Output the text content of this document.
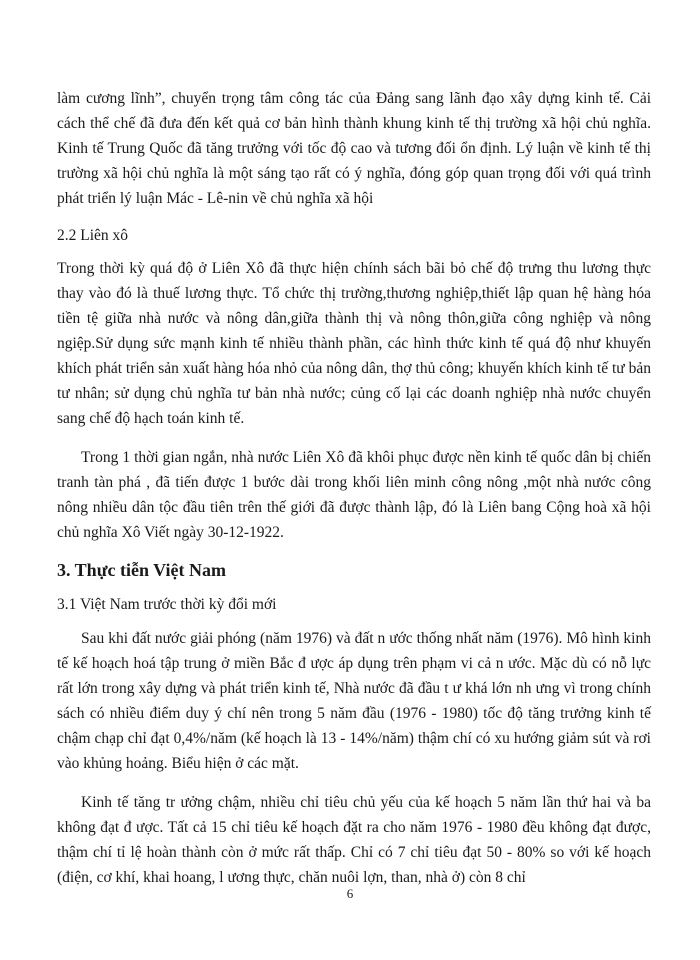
làm cương lĩnh”, chuyển trọng tâm công tác của Đảng sang lãnh đạo xây dựng kinh tế. Cải cách thể chế đã đưa đến kết quả cơ bản hình thành khung kinh tế thị trường xã hội chủ nghĩa. Kinh tế Trung Quốc đã tăng trưởng với tốc độ cao và tương đối ổn định. Lý luận về kinh tế thị trường xã hội chủ nghĩa là một sáng tạo rất có ý nghĩa, đóng góp quan trọng đối với quá trình phát triển lý luận Mác - Lê-nin về chủ nghĩa xã hội

2.2 Liên xô

Trong thời kỳ quá độ ở Liên Xô đã thực hiện chính sách bãi bỏ chế độ trưng thu lương thực thay vào đó là thuế lương thực. Tổ chức thị trường,thương nghiệp,thiết lập quan hệ hàng hóa tiền tệ giữa nhà nước và nông dân,giữa thành thị và nông thôn,giữa công nghiệp và nông ngiệp.Sử dụng sức mạnh kinh tế nhiều thành phần, các hình thức kinh tế quá độ như khuyến khích phát triển sản xuất hàng hóa nhỏ của nông dân, thợ thủ công; khuyến khích kinh tế tư bản tư nhân; sử dụng chủ nghĩa tư bản nhà nước; củng cố lại các doanh nghiệp nhà nước chuyển sang chế độ hạch toán kinh tế.

Trong 1 thời gian ngắn, nhà nước Liên Xô đã khôi phục được nền kinh tế quốc dân bị chiến tranh tàn phá , đã tiến được 1 bước dài trong khối liên minh công nông ,một nhà nước công nông nhiều dân tộc đầu tiên trên thế giới đã được thành lập, đó là Liên bang Cộng hoà xã hội chủ nghĩa Xô Viết ngày 30-12-1922.

3. Thực tiễn Việt Nam
3.1 Việt Nam trước thời kỳ đổi mới

Sau khi đất nước giải phóng (năm 1976) và đất n ước thống nhất năm (1976). Mô hình kinh tế kế hoạch hoá tập trung ở miền Bắc đ ược áp dụng trên phạm vi cả n ước. Mặc dù có nỗ lực rất lớn trong xây dựng và phát triển kinh tế, Nhà nước đã đầu t ư khá lớn nh ưng vì trong chính sách có nhiều điểm duy ý chí nên trong 5 năm đầu (1976 - 1980) tốc độ tăng trưởng kinh tế chậm chạp chỉ đạt 0,4%/năm (kế hoạch là 13 - 14%/năm) thậm chí có xu hướng giảm sút và rơi vào khủng hoảng. Biểu hiện ở các mặt.

Kinh tế tăng tr ưởng chậm, nhiều chỉ tiêu chủ yếu của kế hoạch 5 năm lần thứ hai và ba không đạt đ ược. Tất cả 15 chỉ tiêu kế hoạch đặt ra cho năm 1976 - 1980 đều không đạt được, thậm chí tỉ lệ hoàn thành còn ở mức rất thấp. Chỉ có 7 chỉ tiêu đạt 50 - 80% so với kế hoạch (điện, cơ khí, khai hoang, l ương thực, chăn nuôi lợn, than, nhà ở) còn 8 chỉ

6
